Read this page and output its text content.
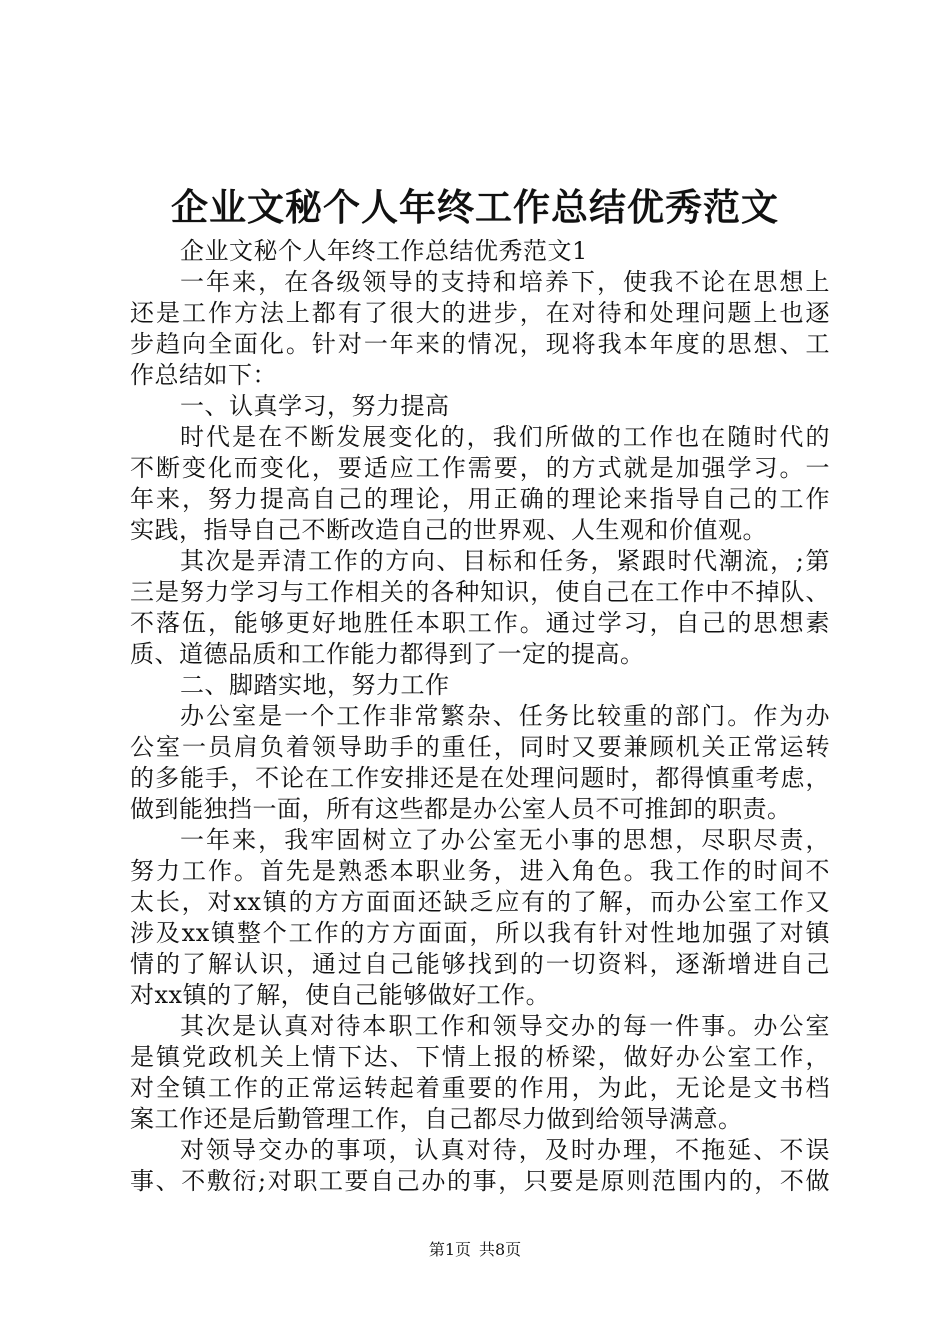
企业文秘个人年终工作总结优秀范文
企业文秘个人年终工作总结优秀范文1
一年来，在各级领导的支持和培养下，使我不论在思想上
还是工作方法上都有了很大的进步，在对待和处理问题上也逐
步趋向全面化。针对一年来的情况，现将我本年度的思想、工
作总结如下：
一、认真学习，努力提高
时代是在不断发展变化的，我们所做的工作也在随时代的
不断变化而变化，要适应工作需要，的方式就是加强学习。一
年来，努力提高自己的理论，用正确的理论来指导自己的工作
实践，指导自己不断改造自己的世界观、人生观和价值观。
其次是弄清工作的方向、目标和任务，紧跟时代潮流，;第
三是努力学习与工作相关的各种知识，使自己在工作中不掉队、
不落伍，能够更好地胜任本职工作。通过学习，自己的思想素
质、道德品质和工作能力都得到了一定的提高。
二、脚踏实地，努力工作
办公室是一个工作非常繁杂、任务比较重的部门。作为办
公室一员肩负着领导助手的重任，同时又要兼顾机关正常运转
的多能手，不论在工作安排还是在处理问题时，都得慎重考虑，
做到能独挡一面，所有这些都是办公室人员不可推卸的职责。
一年来，我牢固树立了办公室无小事的思想，尽职尽责，
努力工作。首先是熟悉本职业务，进入角色。我工作的时间不
太长，对xx镇的方方面面还缺乏应有的了解，而办公室工作又
涉及xx镇整个工作的方方面面，所以我有针对性地加强了对镇
情的了解认识，通过自己能够找到的一切资料，逐渐增进自己
对xx镇的了解，使自己能够做好工作。
其次是认真对待本职工作和领导交办的每一件事。办公室
是镇党政机关上情下达、下情上报的桥梁，做好办公室工作，
对全镇工作的正常运转起着重要的作用，为此，无论是文书档
案工作还是后勤管理工作，自己都尽力做到给领导满意。
对领导交办的事项，认真对待，及时办理，不拖延、不误
事、不敷衍;对职工要自己办的事，只要是原则范围内的，不做
第1页 共8页
